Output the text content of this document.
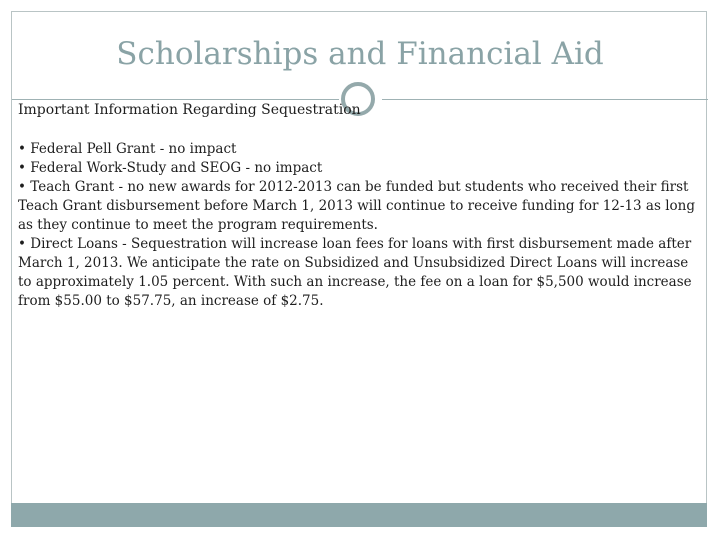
Scholarships and Financial Aid
Important Information Regarding Sequestration

• Federal Pell Grant - no impact

• Federal Work-Study and SEOG - no impact

• Teach Grant - no new awards for 2012-2013 can be funded but students who received their first Teach Grant disbursement before March 1, 2013 will continue to receive funding for 12-13 as long as they continue to meet the program requirements.

• Direct Loans - Sequestration will increase loan fees for loans with first disbursement made after March 1, 2013. We anticipate the rate on Subsidized and Unsubsidized Direct Loans will increase to approximately 1.05 percent. With such an increase, the fee on a loan for $5,500 would increase from $55.00 to $57.75, an increase of $2.75.
